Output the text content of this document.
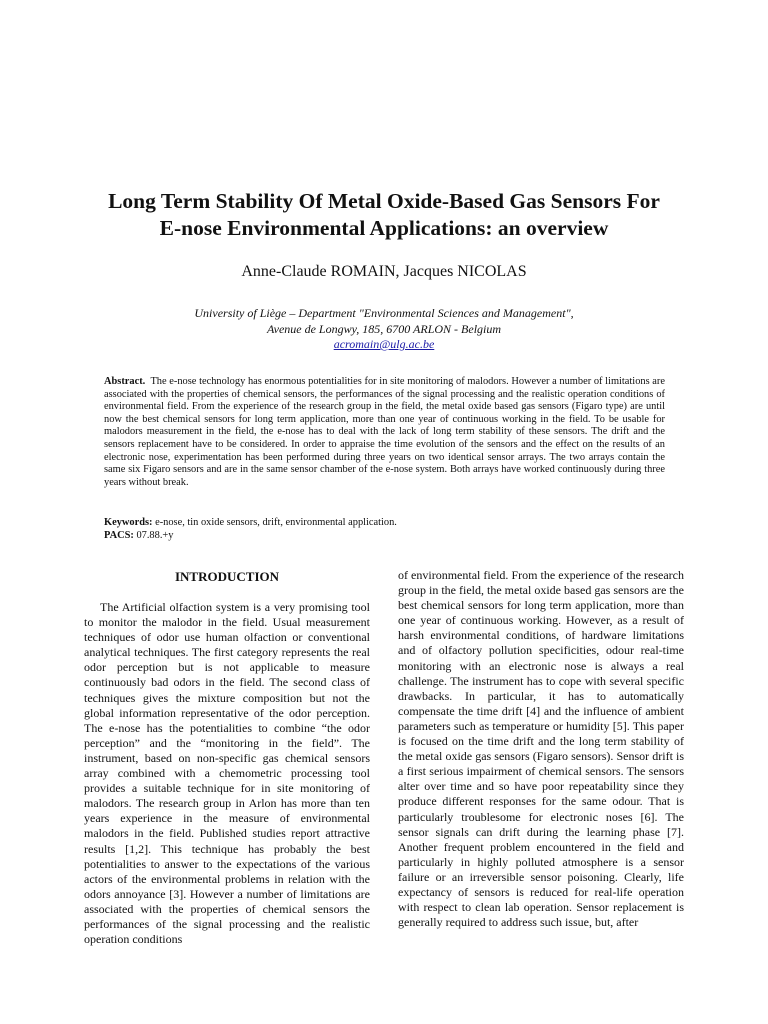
Long Term Stability Of Metal Oxide-Based Gas Sensors For
E-nose Environmental Applications: an overview

Anne-Claude ROMAIN, Jacques NICOLAS

University of Liège – Department "Environmental Sciences and Management",
Avenue de Longwy, 185, 6700 ARLON - Belgium
acromain@ulg.ac.be

Abstract. The e-nose technology has enormous potentialities for in site monitoring of malodors. However a number of limitations are associated with the properties of chemical sensors, the performances of the signal processing and the realistic operation conditions of environmental field. From the experience of the research group in the field, the metal oxide based gas sensors (Figaro type) are until now the best chemical sensors for long term application, more than one year of continuous working in the field. To be usable for malodors measurement in the field, the e-nose has to deal with the lack of long term stability of these sensors. The drift and the sensors replacement have to be considered. In order to appraise the time evolution of the sensors and the effect on the results of an electronic nose, experimentation has been performed during three years on two identical sensor arrays. The two arrays contain the same six Figaro sensors and are in the same sensor chamber of the e-nose system. Both arrays have worked continuously during three years without break.

Keywords: e-nose, tin oxide sensors, drift, environmental application.
PACS: 07.88.+y
INTRODUCTION

The Artificial olfaction system is a very promising tool to monitor the malodor in the field. Usual measurement techniques of odor use human olfaction or conventional analytical techniques. The first category represents the real odor perception but is not applicable to measure continuously bad odors in the field. The second class of techniques gives the mixture composition but not the global information representative of the odor perception. The e-nose has the potentialities to combine “the odor perception” and the “monitoring in the field”. The instrument, based on non-specific gas chemical sensors array combined with a chemometric processing tool provides a suitable technique for in site monitoring of malodors. The research group in Arlon has more than ten years experience in the measure of environmental malodors in the field. Published studies report attractive results [1,2]. This technique has probably the best potentialities to answer to the expectations of the various actors of the environmental problems in relation with the odors annoyance [3]. However a number of limitations are associated with the properties of chemical sensors the performances of the signal processing and the realistic operation conditions

of environmental field. From the experience of the research group in the field, the metal oxide based gas sensors are the best chemical sensors for long term application, more than one year of continuous working. However, as a result of harsh environmental conditions, of hardware limitations and of olfactory pollution specificities, odour real-time monitoring with an electronic nose is always a real challenge. The instrument has to cope with several specific drawbacks. In particular, it has to automatically compensate the time drift [4] and the influence of ambient parameters such as temperature or humidity [5]. This paper is focused on the time drift and the long term stability of the metal oxide gas sensors (Figaro sensors). Sensor drift is a first serious impairment of chemical sensors. The sensors alter over time and so have poor repeatability since they produce different responses for the same odour. That is particularly troublesome for electronic noses [6]. The sensor signals can drift during the learning phase [7]. Another frequent problem encountered in the field and particularly in highly polluted atmosphere is a sensor failure or an irreversible sensor poisoning. Clearly, life expectancy of sensors is reduced for real-life operation with respect to clean lab operation. Sensor replacement is generally required to address such issue, but, after
